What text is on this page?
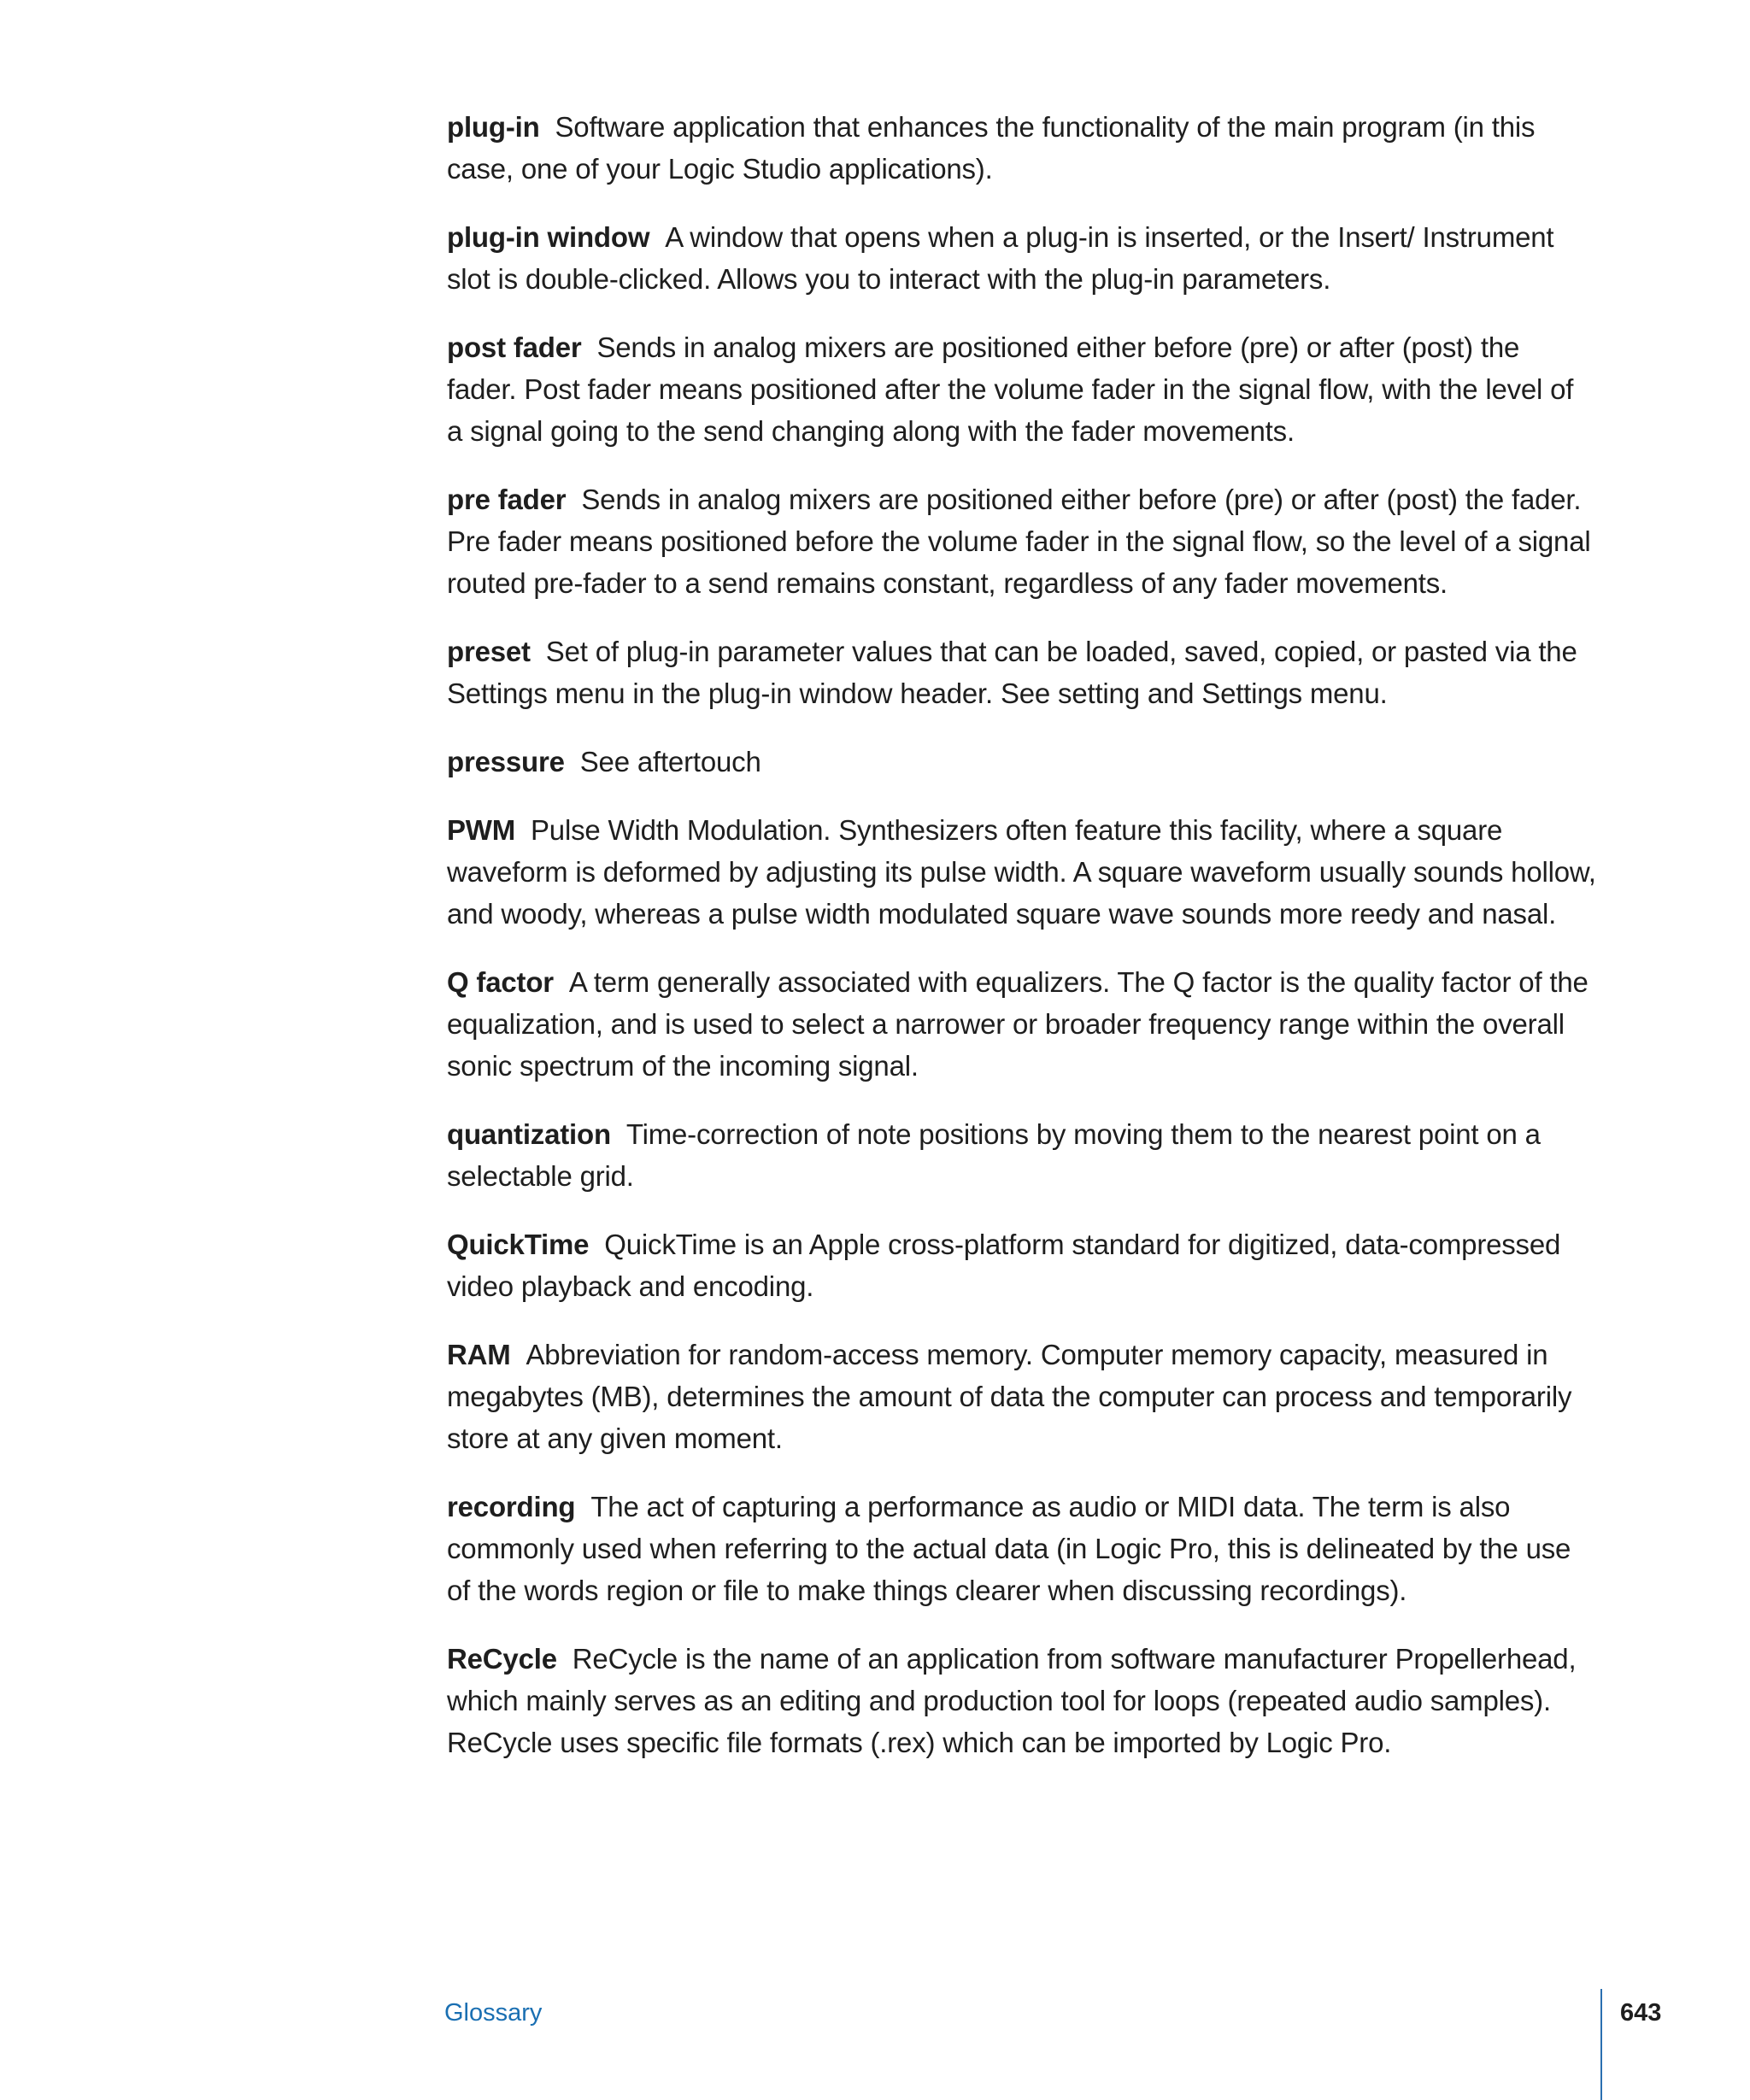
plug-in Software application that enhances the functionality of the main program (in this case, one of your Logic Studio applications).

plug-in window A window that opens when a plug-in is inserted, or the Insert/ Instrument slot is double-clicked. Allows you to interact with the plug-in parameters.

post fader Sends in analog mixers are positioned either before (pre) or after (post) the fader. Post fader means positioned after the volume fader in the signal flow, with the level of a signal going to the send changing along with the fader movements.

pre fader Sends in analog mixers are positioned either before (pre) or after (post) the fader. Pre fader means positioned before the volume fader in the signal flow, so the level of a signal routed pre-fader to a send remains constant, regardless of any fader movements.

preset Set of plug-in parameter values that can be loaded, saved, copied, or pasted via the Settings menu in the plug-in window header. See setting and Settings menu.

pressure See aftertouch

PWM Pulse Width Modulation. Synthesizers often feature this facility, where a square waveform is deformed by adjusting its pulse width. A square waveform usually sounds hollow, and woody, whereas a pulse width modulated square wave sounds more reedy and nasal.

Q factor A term generally associated with equalizers. The Q factor is the quality factor of the equalization, and is used to select a narrower or broader frequency range within the overall sonic spectrum of the incoming signal.

quantization Time-correction of note positions by moving them to the nearest point on a selectable grid.

QuickTime QuickTime is an Apple cross-platform standard for digitized, data-compressed video playback and encoding.

RAM Abbreviation for random-access memory. Computer memory capacity, measured in megabytes (MB), determines the amount of data the computer can process and temporarily store at any given moment.

recording The act of capturing a performance as audio or MIDI data. The term is also commonly used when referring to the actual data (in Logic Pro, this is delineated by the use of the words region or file to make things clearer when discussing recordings).

ReCycle ReCycle is the name of an application from software manufacturer Propellerhead, which mainly serves as an editing and production tool for loops (repeated audio samples). ReCycle uses specific file formats (.rex) which can be imported by Logic Pro.

Glossary	643
